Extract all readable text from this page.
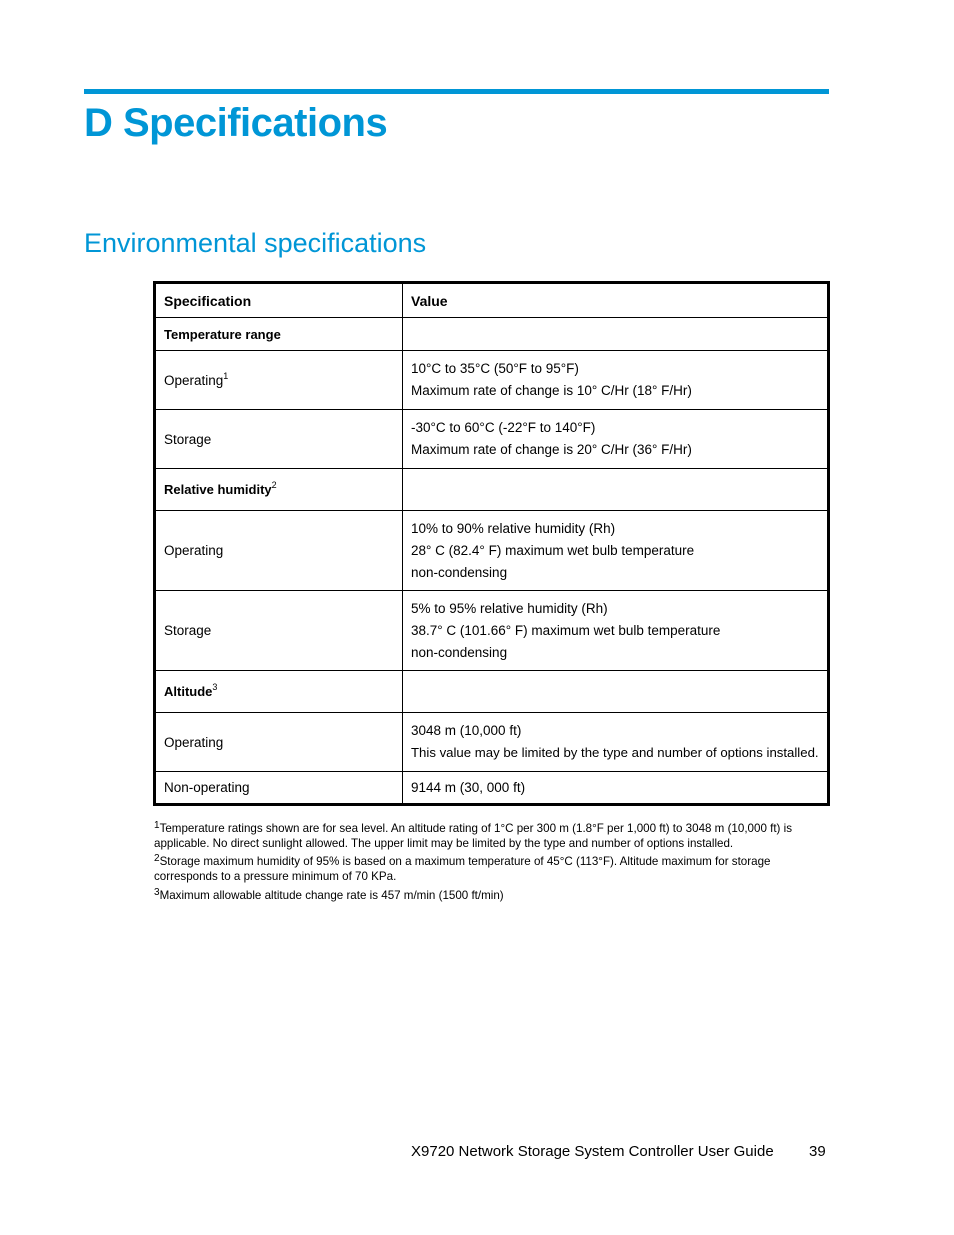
D Specifications
Environmental specifications
Specification	Value
Temperature range	
Operating$^1$	10°C to 35°C (50°F to 95°F)
Maximum rate of change is 10° C/Hr (18° F/Hr)

Storage	-30°C to 60°C (-22°F to 140°F)
Maximum rate of change is 20° C/Hr (36° F/Hr)

Relative humidity$^2$	
Operating	10% to 90% relative humidity (Rh)
28° C (82.4° F) maximum wet bulb temperature
non-condensing

Storage	5% to 95% relative humidity (Rh)
38.7° C (101.66° F) maximum wet bulb temperature
non-condensing

Altitude$^3$	
Operating	3048 m (10,000 ft)
This value may be limited by the type and number of options installed.

Non-operating	9144 m (30, 000 ft)

$^1$Temperature ratings shown are for sea level. An altitude rating of 1°C per 300 m (1.8°F per 1,000 ft) to 3048 m (10,000 ft) is applicable. No direct sunlight allowed. The upper limit may be limited by the type and number of options installed.

$^2$Storage maximum humidity of 95% is based on a maximum temperature of 45°C (113°F). Altitude maximum for storage corresponds to a pressure minimum of 70 KPa.

$^3$Maximum allowable altitude change rate is 457 m/min (1500 ft/min)

X9720 Network Storage System Controller User Guide 39
